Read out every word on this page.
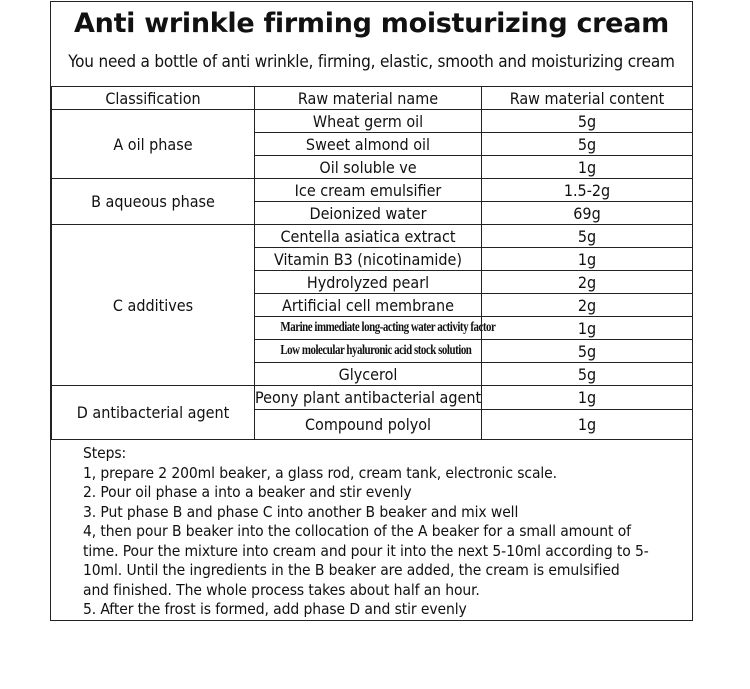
Anti wrinkle firming moisturizing cream
You need a bottle of anti wrinkle, firming, elastic, smooth and moisturizing cream
Classification	Raw material name	Raw material content
A oil phase	Wheat germ oil	5g
	Sweet almond oil	5g
	Oil soluble ve	1g
B aqueous phase	Ice cream emulsifier	1.5-2g
	Deionized water	69g
C additives	Centella asiatica extract	5g
	Vitamin B3 (nicotinamide)	1g
	Hydrolyzed pearl	2g
	Artificial cell membrane	2g
	Marine immediate long-acting water activity factor	1g
	Low molecular hyaluronic acid stock solution	5g
	Glycerol	5g
D antibacterial agent	Peony plant antibacterial agent	1g
	Compound polyol	1g
Steps:
1, prepare 2 200ml beaker, a glass rod, cream tank, electronic scale.
2. Pour oil phase a into a beaker and stir evenly
3. Put phase B and phase C into another B beaker and mix well
4, then pour B beaker into the collocation of the A beaker for a small amount of
time. Pour the mixture into cream and pour it into the next 5-10ml according to 5-
10ml. Until the ingredients in the B beaker are added, the cream is emulsified
and finished. The whole process takes about half an hour.
5. After the frost is formed, add phase D and stir evenly
